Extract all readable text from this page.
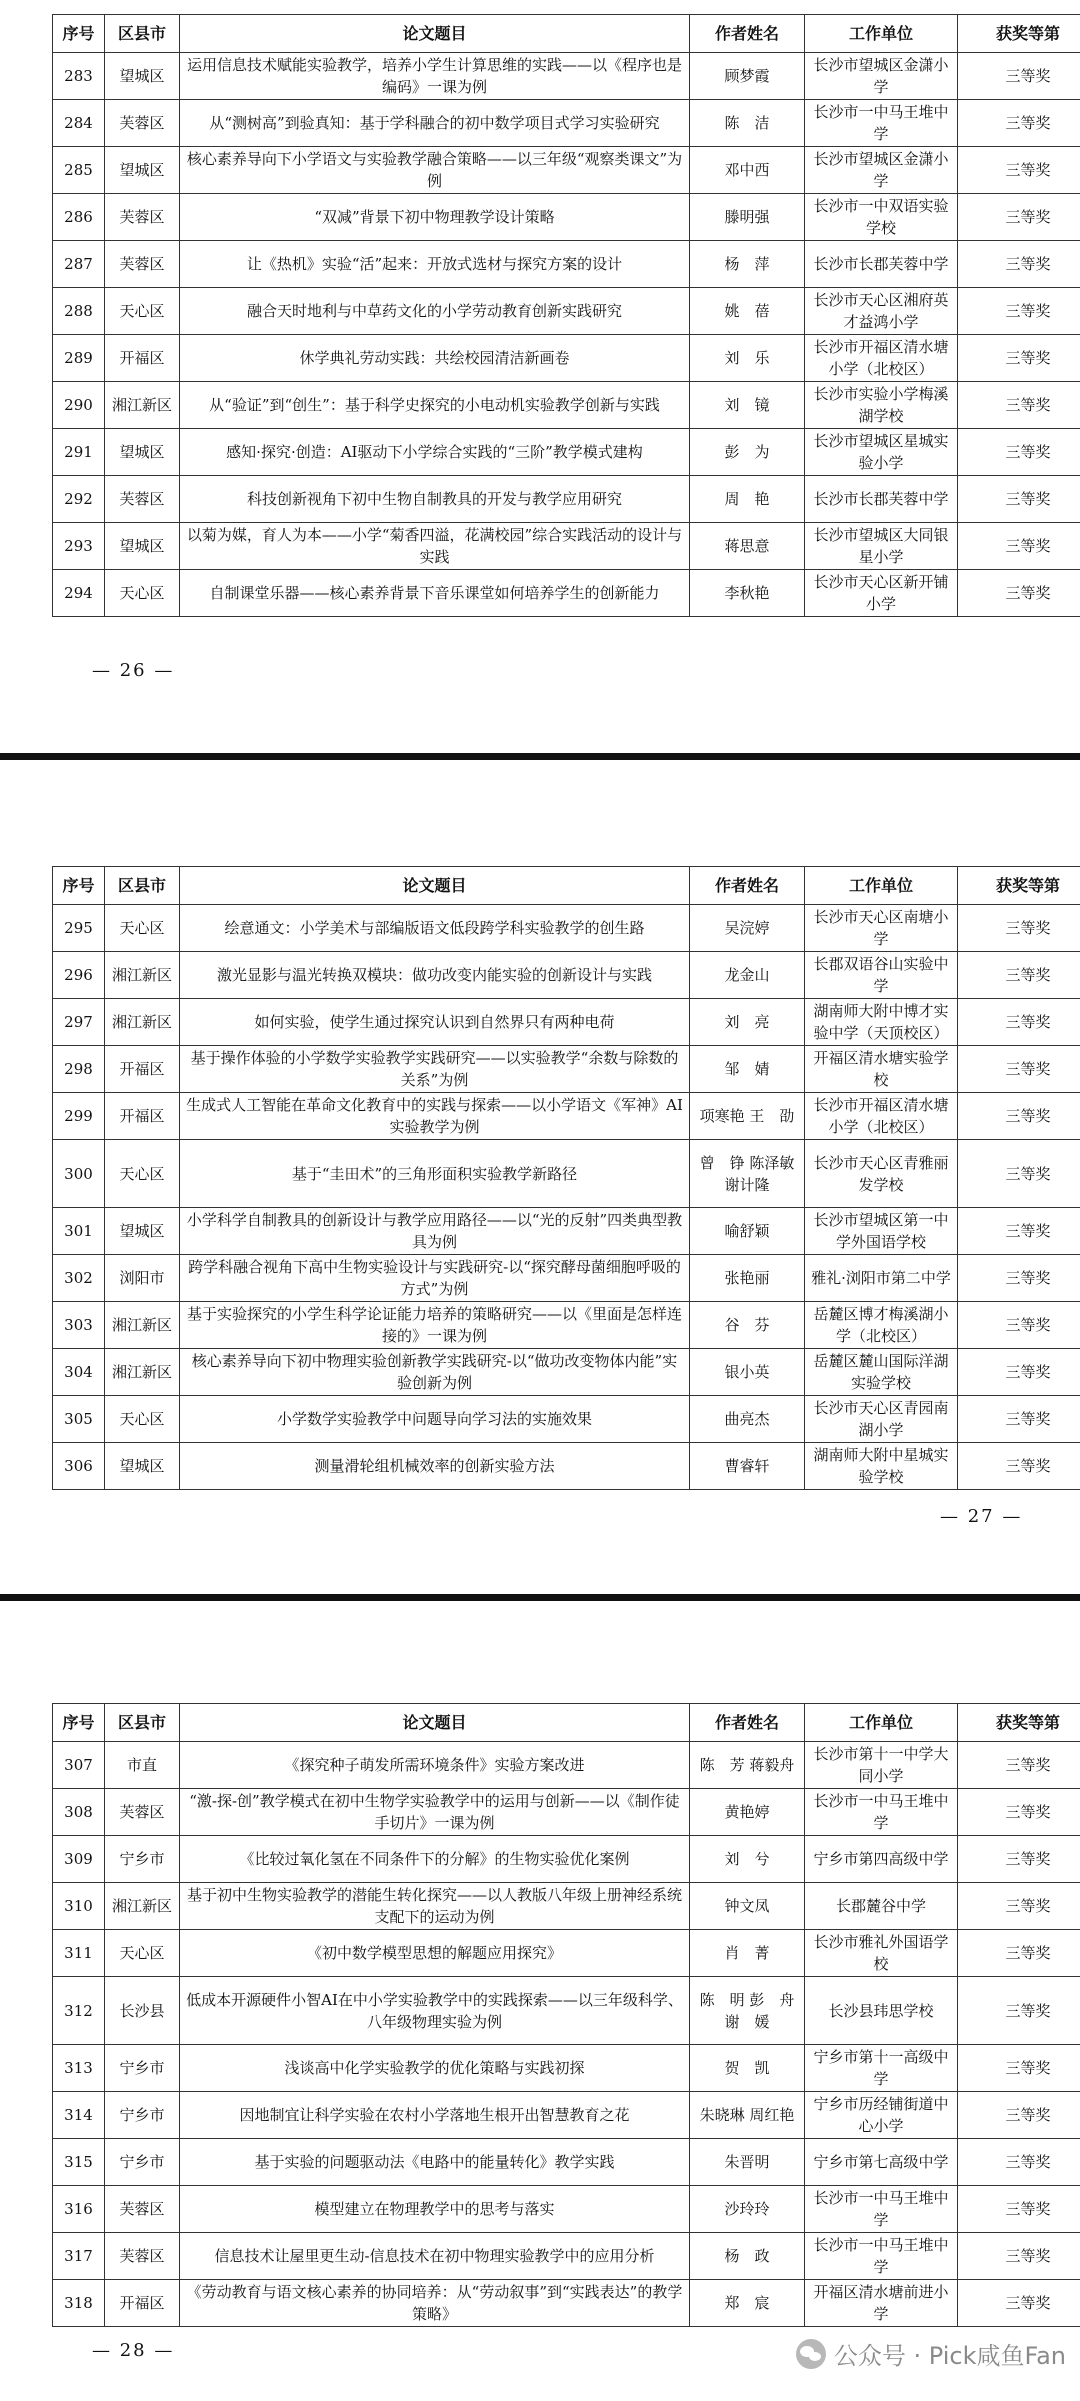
序号	区县市	论文题目	作者姓名	工作单位	获奖等第
283	望城区	运用信息技术赋能实验教学，培养小学生计算思维的实践——以《程序也是编码》一课为例	顾梦霞	长沙市望城区金潇小学	三等奖
284	芙蓉区	从“测树高”到验真知：基于学科融合的初中数学项目式学习实验研究	陈　洁	长沙市一中马王堆中学	三等奖
285	望城区	核心素养导向下小学语文与实验教学融合策略——以三年级“观察类课文”为例	邓中西	长沙市望城区金潇小学	三等奖
286	芙蓉区	“双减”背景下初中物理教学设计策略	滕明强	长沙市一中双语实验学校	三等奖
287	芙蓉区	让《热机》实验“活”起来：开放式选材与探究方案的设计	杨　萍	长沙市长郡芙蓉中学	三等奖
288	天心区	融合天时地利与中草药文化的小学劳动教育创新实践研究	姚　蓓	长沙市天心区湘府英才益鸿小学	三等奖
289	开福区	休学典礼劳动实践：共绘校园清洁新画卷	刘　乐	长沙市开福区清水塘小学（北校区）	三等奖
290	湘江新区	从“验证”到“创生”：基于科学史探究的小电动机实验教学创新与实践	刘　镜	长沙市实验小学梅溪湖学校	三等奖
291	望城区	感知·探究·创造：AI驱动下小学综合实践的“三阶”教学模式建构	彭　为	长沙市望城区星城实验小学	三等奖
292	芙蓉区	科技创新视角下初中生物自制教具的开发与教学应用研究	周　艳	长沙市长郡芙蓉中学	三等奖
293	望城区	以菊为媒，育人为本——小学“菊香四溢，花满校园”综合实践活动的设计与实践	蒋思意	长沙市望城区大同银星小学	三等奖
294	天心区	自制课堂乐器——核心素养背景下音乐课堂如何培养学生的创新能力	李秋艳	长沙市天心区新开铺小学	三等奖
— 26 —
序号	区县市	论文题目	作者姓名	工作单位	获奖等第
295	天心区	绘意通文：小学美术与部编版语文低段跨学科实验教学的创生路	吴浣婷	长沙市天心区南塘小学	三等奖
296	湘江新区	激光显影与温光转换双模块：做功改变内能实验的创新设计与实践	龙金山	长郡双语谷山实验中学	三等奖
297	湘江新区	如何实验，使学生通过探究认识到自然界只有两种电荷	刘　亮	湖南师大附中博才实验中学（天顶校区）	三等奖
298	开福区	基于操作体验的小学数学实验教学实践研究——以实验教学“余数与除数的关系”为例	邹　婧	开福区清水塘实验学校	三等奖
299	开福区	生成式人工智能在革命文化教育中的实践与探索——以小学语文《军神》AI实验教学为例	项寒艳 王　劭	长沙市开福区清水塘小学（北校区）	三等奖
300	天心区	基于“圭田术”的三角形面积实验教学新路径	曾　铮 陈泽敏 谢计隆	长沙市天心区青雅丽发学校	三等奖
301	望城区	小学科学自制教具的创新设计与教学应用路径——以“光的反射”四类典型教具为例	喻舒颖	长沙市望城区第一中学外国语学校	三等奖
302	浏阳市	跨学科融合视角下高中生物实验设计与实践研究-以“探究酵母菌细胞呼吸的方式”为例	张艳丽	雅礼·浏阳市第二中学	三等奖
303	湘江新区	基于实验探究的小学生科学论证能力培养的策略研究——以《里面是怎样连接的》一课为例	谷　芬	岳麓区博才梅溪湖小学（北校区）	三等奖
304	湘江新区	核心素养导向下初中物理实验创新教学实践研究-以“做功改变物体内能”实验创新为例	银小英	岳麓区麓山国际洋湖实验学校	三等奖
305	天心区	小学数学实验教学中问题导向学习法的实施效果	曲亮杰	长沙市天心区青园南湖小学	三等奖
306	望城区	测量滑轮组机械效率的创新实验方法	曹睿轩	湖南师大附中星城实验学校	三等奖
— 27 —
序号	区县市	论文题目	作者姓名	工作单位	获奖等第
307	市直	《探究种子萌发所需环境条件》实验方案改进	陈　芳 蒋毅舟	长沙市第十一中学大同小学	三等奖
308	芙蓉区	“激-探-创”教学模式在初中生物学实验教学中的运用与创新——以《制作徒手切片》一课为例	黄艳婷	长沙市一中马王堆中学	三等奖
309	宁乡市	《比较过氧化氢在不同条件下的分解》的生物实验优化案例	刘　兮	宁乡市第四高级中学	三等奖
310	湘江新区	基于初中生物实验教学的潜能生转化探究——以人教版八年级上册神经系统支配下的运动为例	钟文凤	长郡麓谷中学	三等奖
311	天心区	《初中数学模型思想的解题应用探究》	肖　菁	长沙市雅礼外国语学校	三等奖
312	长沙县	低成本开源硬件小智AI在中小学实验教学中的实践探索——以三年级科学、八年级物理实验为例	陈　明 彭　舟 谢　媛	长沙县玮思学校	三等奖
313	宁乡市	浅谈高中化学实验教学的优化策略与实践初探	贺　凯	宁乡市第十一高级中学	三等奖
314	宁乡市	因地制宜让科学实验在农村小学落地生根开出智慧教育之花	朱晓琳 周红艳	宁乡市历经铺街道中心小学	三等奖
315	宁乡市	基于实验的问题驱动法《电路中的能量转化》教学实践	朱晋明	宁乡市第七高级中学	三等奖
316	芙蓉区	模型建立在物理教学中的思考与落实	沙玲玲	长沙市一中马王堆中学	三等奖
317	芙蓉区	信息技术让屋里更生动-信息技术在初中物理实验教学中的应用分析	杨　政	长沙市一中马王堆中学	三等奖
318	开福区	《劳动教育与语文核心素养的协同培养：从“劳动叙事”到“实践表达”的教学策略》	郑　宸	开福区清水塘前进小学	三等奖
— 28 —	公众号 · Pick咸鱼Fan
